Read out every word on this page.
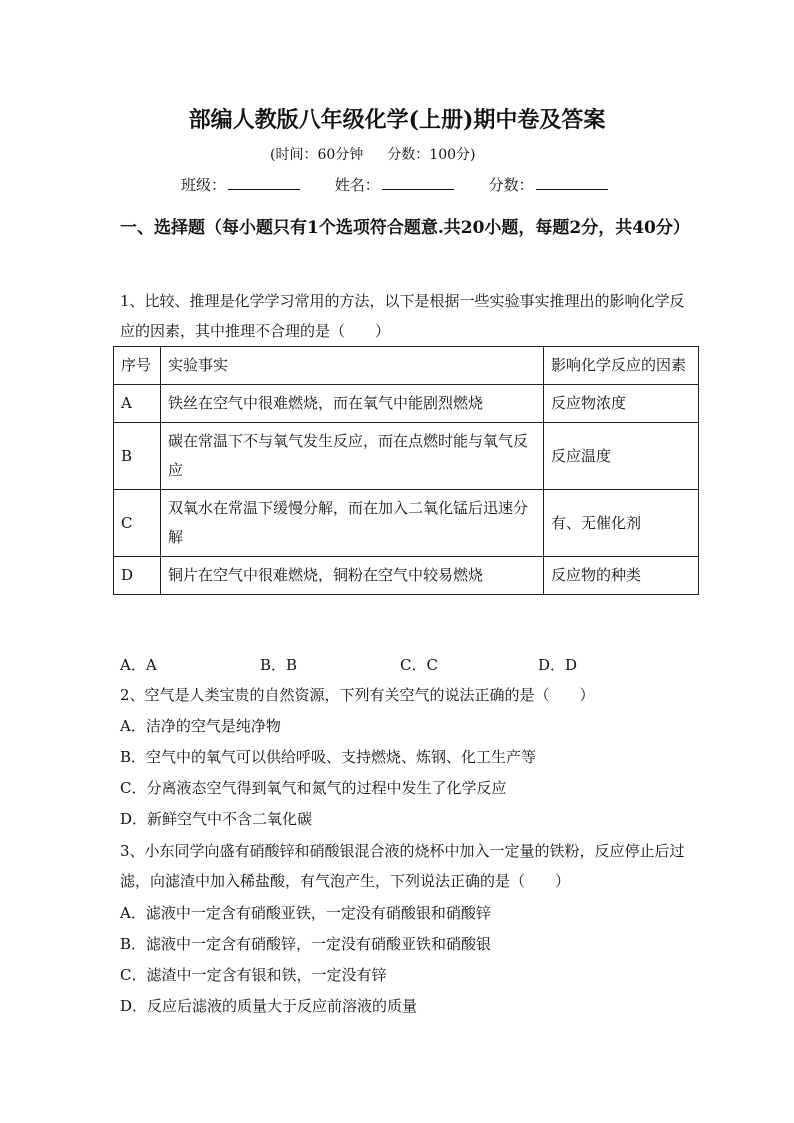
部编人教版八年级化学(上册)期中卷及答案
(时间：60分钟 分数：100分)
班级：	姓名：	分数：
一、选择题（每小题只有1个选项符合题意.共20小题，每题2分，共40分）
1、比较、推理是化学学习常用的方法，以下是根据一些实验事实推理出的影响化学反应的因素，其中推理不合理的是（　　）
序号	实验事实	影响化学反应的因素
A	铁丝在空气中很难燃烧，而在氧气中能剧烈燃烧	反应物浓度
B	碳在常温下不与氧气发生反应，而在点燃时能与氧气反应	反应温度
C	双氧水在常温下缓慢分解，而在加入二氧化锰后迅速分解	有、无催化剂
D	铜片在空气中很难燃烧，铜粉在空气中较易燃烧	反应物的种类
A．A	B．B	C．C	D．D
2、空气是人类宝贵的自然资源，下列有关空气的说法正确的是（　　）
A．洁净的空气是纯净物
B．空气中的氧气可以供给呼吸、支持燃烧、炼钢、化工生产等
C．分离液态空气得到氧气和氮气的过程中发生了化学反应
D．新鲜空气中不含二氧化碳
3、小东同学向盛有硝酸锌和硝酸银混合液的烧杯中加入一定量的铁粉，反应停止后过滤，向滤渣中加入稀盐酸，有气泡产生，下列说法正确的是（　　）
A．滤液中一定含有硝酸亚铁，一定没有硝酸银和硝酸锌
B．滤液中一定含有硝酸锌，一定没有硝酸亚铁和硝酸银
C．滤渣中一定含有银和铁，一定没有锌
D．反应后滤液的质量大于反应前溶液的质量
